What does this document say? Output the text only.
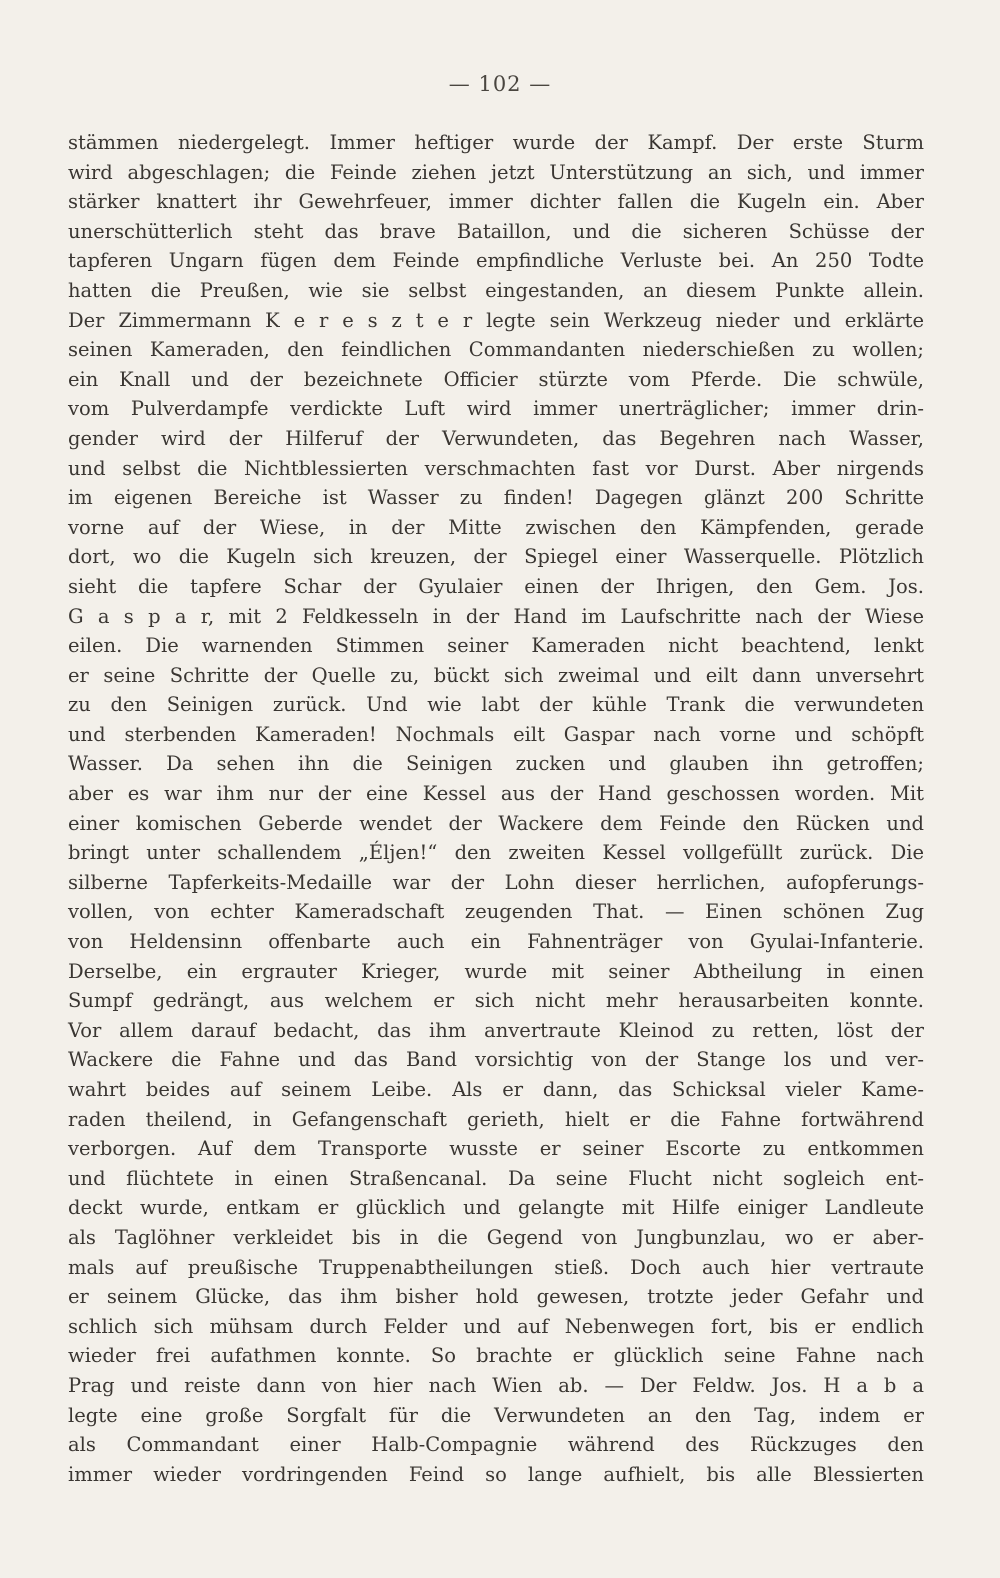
— 102 —
stämmen niedergelegt. Immer heftiger wurde der Kampf. Der erste Sturm
wird abgeschlagen; die Feinde ziehen jetzt Unterstützung an sich, und immer
stärker knattert ihr Gewehrfeuer, immer dichter fallen die Kugeln ein. Aber
unerschütterlich steht das brave Bataillon, und die sicheren Schüsse der
tapferen Ungarn fügen dem Feinde empfindliche Verluste bei. An 250 Todte
hatten die Preußen, wie sie selbst eingestanden, an diesem Punkte allein.
Der Zimmermann K e r e s z t e r legte sein Werkzeug nieder und erklärte
seinen Kameraden, den feindlichen Commandanten niederschießen zu wollen;
ein Knall und der bezeichnete Officier stürzte vom Pferde. Die schwüle,
vom Pulverdampfe verdickte Luft wird immer unerträglicher; immer drin-
gender wird der Hilferuf der Verwundeten, das Begehren nach Wasser,
und selbst die Nichtblessierten verschmachten fast vor Durst. Aber nirgends
im eigenen Bereiche ist Wasser zu finden! Dagegen glänzt 200 Schritte
vorne auf der Wiese, in der Mitte zwischen den Kämpfenden, gerade
dort, wo die Kugeln sich kreuzen, der Spiegel einer Wasserquelle. Plötzlich
sieht die tapfere Schar der Gyulaier einen der Ihrigen, den Gem. Jos.
G a s p a r, mit 2 Feldkesseln in der Hand im Laufschritte nach der Wiese
eilen. Die warnenden Stimmen seiner Kameraden nicht beachtend, lenkt
er seine Schritte der Quelle zu, bückt sich zweimal und eilt dann unversehrt
zu den Seinigen zurück. Und wie labt der kühle Trank die verwundeten
und sterbenden Kameraden! Nochmals eilt Gaspar nach vorne und schöpft
Wasser. Da sehen ihn die Seinigen zucken und glauben ihn getroffen;
aber es war ihm nur der eine Kessel aus der Hand geschossen worden. Mit
einer komischen Geberde wendet der Wackere dem Feinde den Rücken und
bringt unter schallendem „Éljen!“ den zweiten Kessel vollgefüllt zurück. Die
silberne Tapferkeits-Medaille war der Lohn dieser herrlichen, aufopferungs-
vollen, von echter Kameradschaft zeugenden That. — Einen schönen Zug
von Heldensinn offenbarte auch ein Fahnenträger von Gyulai-Infanterie.
Derselbe, ein ergrauter Krieger, wurde mit seiner Abtheilung in einen
Sumpf gedrängt, aus welchem er sich nicht mehr herausarbeiten konnte.
Vor allem darauf bedacht, das ihm anvertraute Kleinod zu retten, löst der
Wackere die Fahne und das Band vorsichtig von der Stange los und ver-
wahrt beides auf seinem Leibe. Als er dann, das Schicksal vieler Kame-
raden theilend, in Gefangenschaft gerieth, hielt er die Fahne fortwährend
verborgen. Auf dem Transporte wusste er seiner Escorte zu entkommen
und flüchtete in einen Straßencanal. Da seine Flucht nicht sogleich ent-
deckt wurde, entkam er glücklich und gelangte mit Hilfe einiger Landleute
als Taglöhner verkleidet bis in die Gegend von Jungbunzlau, wo er aber-
mals auf preußische Truppenabtheilungen stieß. Doch auch hier vertraute
er seinem Glücke, das ihm bisher hold gewesen, trotzte jeder Gefahr und
schlich sich mühsam durch Felder und auf Nebenwegen fort, bis er endlich
wieder frei aufathmen konnte. So brachte er glücklich seine Fahne nach
Prag und reiste dann von hier nach Wien ab. — Der Feldw. Jos. H a b a
legte eine große Sorgfalt für die Verwundeten an den Tag, indem er
als Commandant einer Halb-Compagnie während des Rückzuges den
immer wieder vordringenden Feind so lange aufhielt, bis alle Blessierten
